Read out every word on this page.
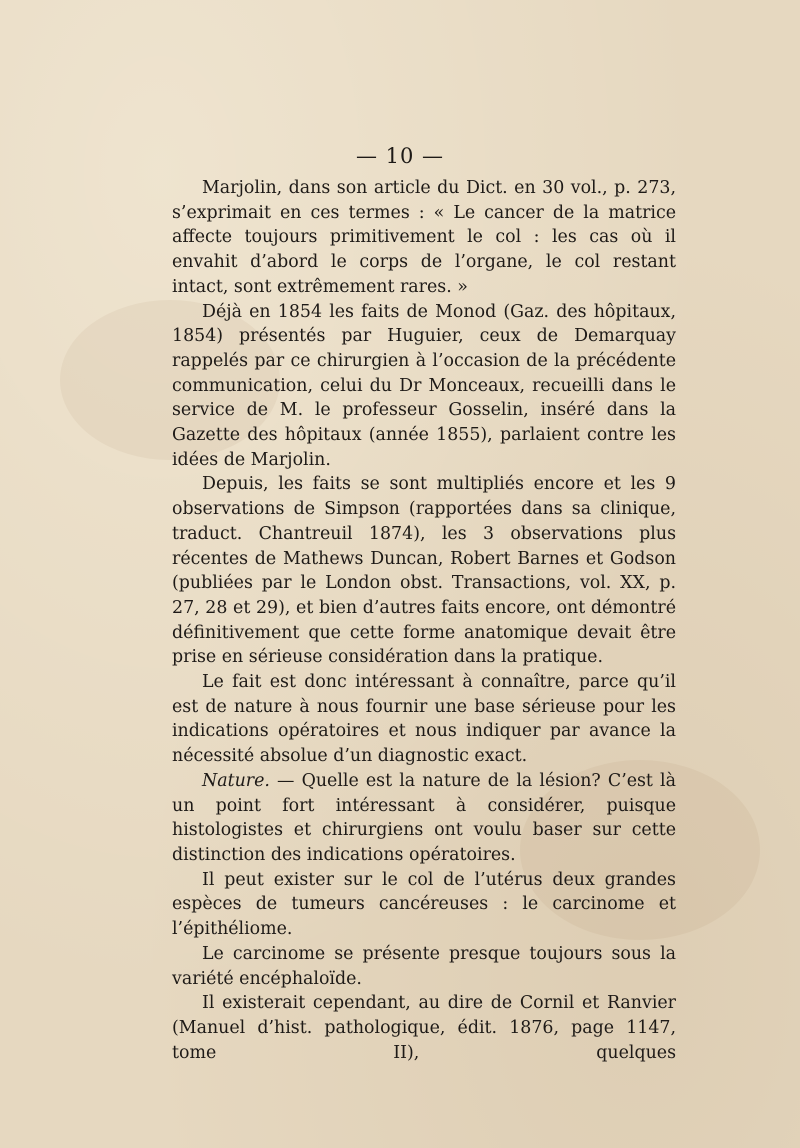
— 10 —

Marjolin, dans son article du Dict. en 30 vol., p. 273, s’exprimait en ces termes : « Le cancer de la matrice affecte toujours primitivement le col : les cas où il envahit d’abord le corps de l’organe, le col restant intact, sont extrêmement rares. »

Déjà en 1854 les faits de Monod (Gaz. des hôpitaux, 1854) présentés par Huguier, ceux de Demarquay rappelés par ce chirurgien à l’occasion de la précédente communication, celui du Dr Monceaux, recueilli dans le service de M. le professeur Gosselin, inséré dans la Gazette des hôpitaux (année 1855), parlaient contre les idées de Marjolin.

Depuis, les faits se sont multipliés encore et les 9 observations de Simpson (rapportées dans sa clinique, traduct. Chantreuil 1874), les 3 observations plus récentes de Mathews Duncan, Robert Barnes et Godson (publiées par le London obst. Transactions, vol. XX, p. 27, 28 et 29), et bien d’autres faits encore, ont démontré définitivement que cette forme anatomique devait être prise en sérieuse considération dans la pratique.

Le fait est donc intéressant à connaître, parce qu’il est de nature à nous fournir une base sérieuse pour les indications opératoires et nous indiquer par avance la nécessité absolue d’un diagnostic exact.

Nature. — Quelle est la nature de la lésion? C’est là un point fort intéressant à considérer, puisque histologistes et chirurgiens ont voulu baser sur cette distinction des indications opératoires.

Il peut exister sur le col de l’utérus deux grandes espèces de tumeurs cancéreuses : le carcinome et l’épithéliome.

Le carcinome se présente presque toujours sous la variété encéphaloïde.

Il existerait cependant, au dire de Cornil et Ranvier (Manuel d’hist. pathologique, édit. 1876, page 1147, tome II), quelques
